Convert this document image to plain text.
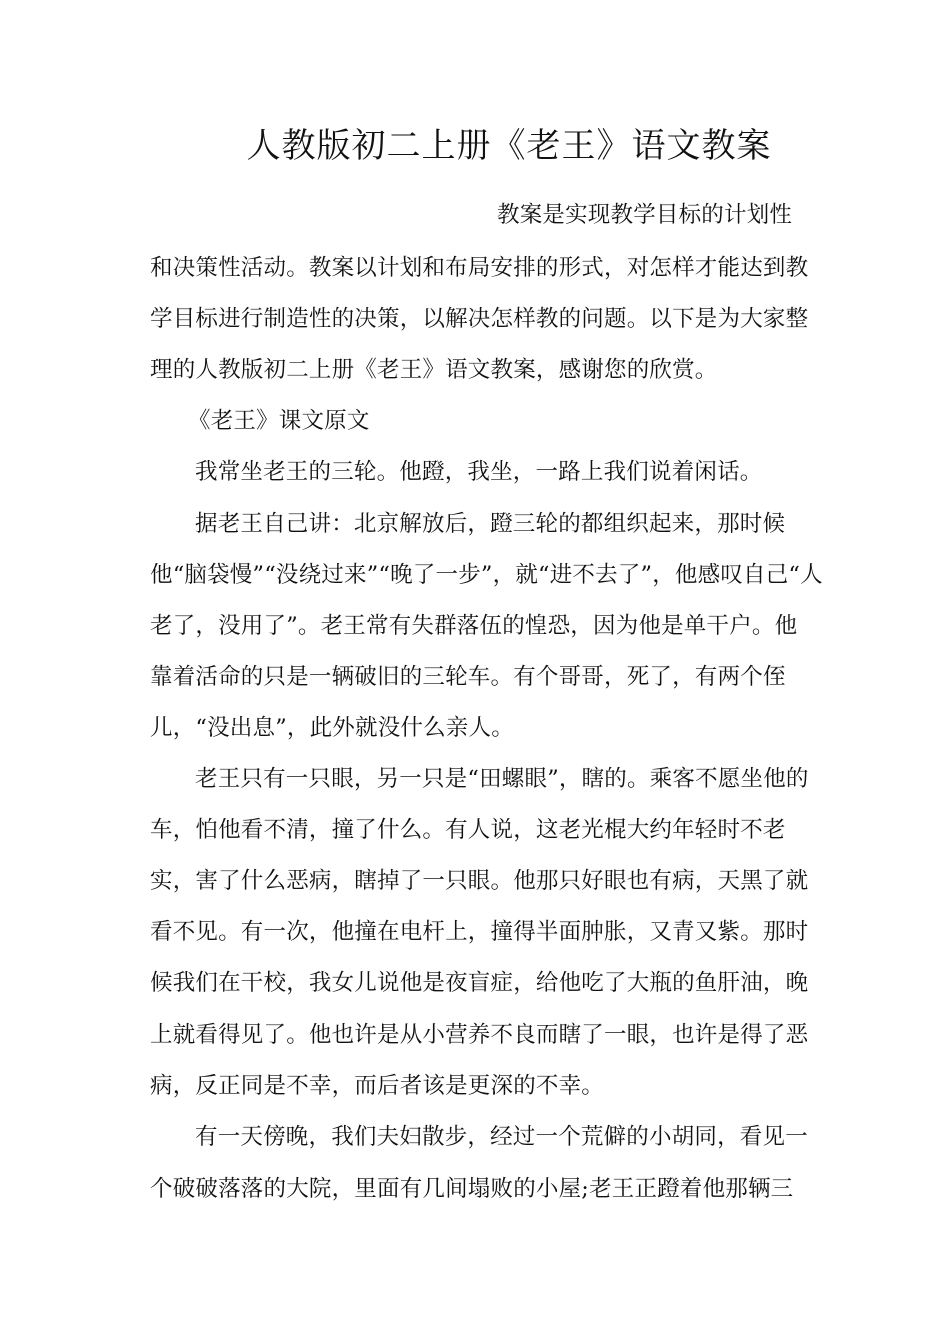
人教版初二上册《老王》语文教案
教案是实现教学目标的计划性
和决策性活动。教案以计划和布局安排的形式，对怎样才能达到教
学目标进行制造性的决策，以解决怎样教的问题。以下是为大家整
理的人教版初二上册《老王》语文教案，感谢您的欣赏。
《老王》课文原文
我常坐老王的三轮。他蹬，我坐，一路上我们说着闲话。
据老王自己讲：北京解放后，蹬三轮的都组织起来，那时候
他“脑袋慢”“没绕过来”“晚了一步”，就“进不去了”，他感叹自己“人
老了，没用了”。老王常有失群落伍的惶恐，因为他是单干户。他
靠着活命的只是一辆破旧的三轮车。有个哥哥，死了，有两个侄
儿，“没出息”，此外就没什么亲人。
老王只有一只眼，另一只是“田螺眼”，瞎的。乘客不愿坐他的
车，怕他看不清，撞了什么。有人说，这老光棍大约年轻时不老
实，害了什么恶病，瞎掉了一只眼。他那只好眼也有病，天黑了就
看不见。有一次，他撞在电杆上，撞得半面肿胀，又青又紫。那时
候我们在干校，我女儿说他是夜盲症，给他吃了大瓶的鱼肝油，晚
上就看得见了。他也许是从小营养不良而瞎了一眼，也许是得了恶
病，反正同是不幸，而后者该是更深的不幸。
有一天傍晚，我们夫妇散步，经过一个荒僻的小胡同，看见一
个破破落落的大院，里面有几间塌败的小屋;老王正蹬着他那辆三
